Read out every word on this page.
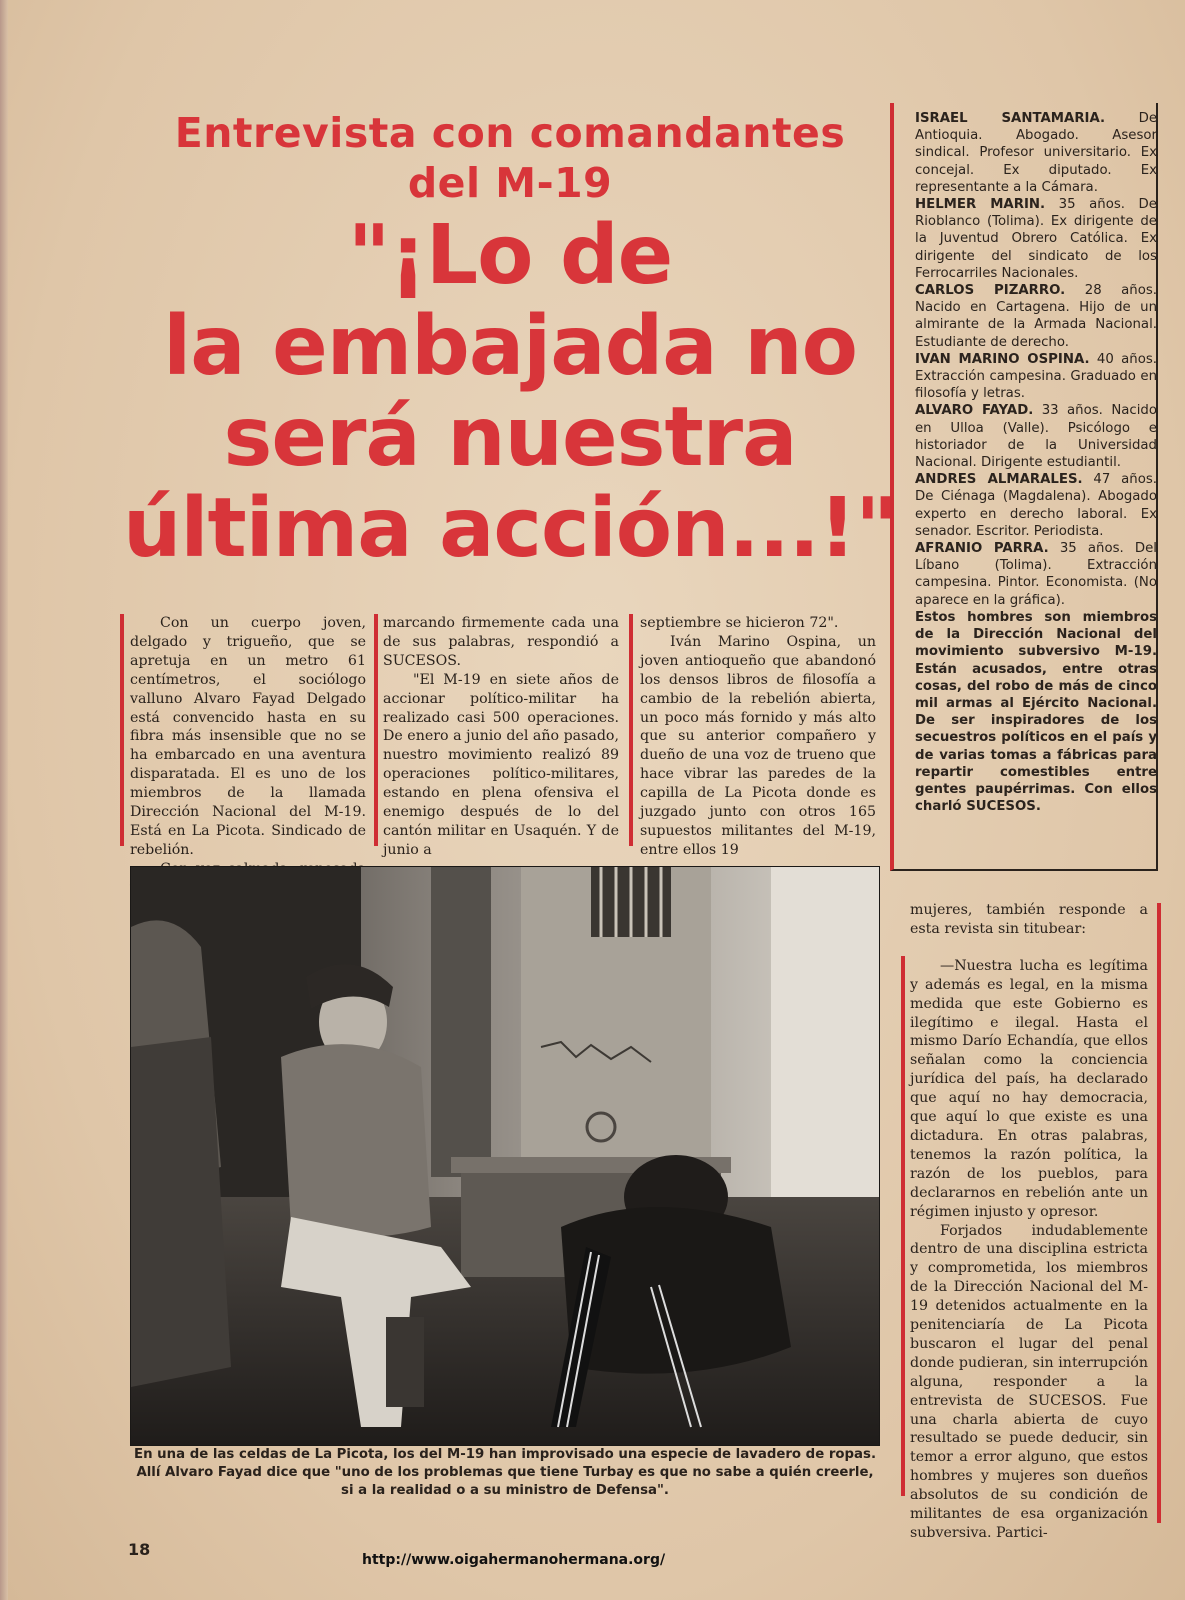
Entrevista con comandantes
del M-19
"¡Lo de
la embajada no
será nuestra
última acción...!"

ISRAEL SANTAMARIA.	De Antioquia. Abogado. Asesor sindical. Profesor universitario. Ex concejal. Ex diputado. Ex representante a la Cámara.

HELMER MARIN. 35 años. De Rioblanco (Tolima). Ex dirigente de la Juventud Obrero Católica. Ex dirigente del sindicato de los Ferrocarriles Nacionales.

CARLOS PIZARRO. 28 años. Nacido en Cartagena. Hijo de un almirante de la Armada Nacional. Estudiante de derecho.

IVAN MARINO OSPINA. 40 años. Extracción campesina. Graduado en filosofía y letras.

ALVARO FAYAD. 33 años. Nacido en Ulloa (Valle). Psicólogo e historiador de la Universidad Nacional. Dirigente estudiantil.

ANDRES ALMARALES. 47 años. De Ciénaga (Magdalena). Abogado experto en derecho laboral. Ex senador. Escritor. Periodista.

AFRANIO PARRA. 35 años. Del Líbano (Tolima). Extracción campesina. Pintor. Economista. (No aparece en la gráfica).

Estos hombres son miembros de la Dirección Nacional del movimiento subversivo M-19. Están acusados, entre otras cosas, del robo de más de cinco mil armas al Ejército Nacional. De ser inspiradores de los secuestros políticos en el país y de varias tomas a fábricas para repartir comestibles entre gentes paupérrimas. Con ellos charló SUCESOS.

Con un cuerpo joven, delgado y trigueño, que se apretuja en un metro 61 centímetros, el sociólogo valluno Alvaro Fayad Delgado está convencido hasta en su fibra más insensible que no se ha embarcado en una aventura disparatada. El es uno de los miembros de la llamada Dirección Nacional del M-19. Está en La Picota. Sindicado de rebelión.

marcando firmemente cada una de sus palabras, respondió a SUCESOS.

"El M-19 en siete años de accionar político-militar ha realizado casi 500 operaciones. De enero a junio del año pasado, nuestro movimiento realizó 89 operaciones político-militares, estando en plena ofensiva el enemigo después de lo del cantón militar en Usaquén. Y de junio a

septiembre se hicieron 72".

Iván Marino Ospina, un joven antioqueño que abandonó los densos libros de filosofía a cambio de la rebelión abierta, un poco más fornido y más alto que su anterior compañero y dueño de una voz de trueno que hace vibrar las paredes de la capilla de La Picota donde es juzgado junto con otros 165 supuestos militantes del M-19, entre ellos 19

En una de las celdas de La Picota, los del M-19 han improvisado una especie de lavadero de ropas. Allí Alvaro Fayad dice que "uno de los problemas que tiene Turbay es que no sabe a quién creerle, si a la realidad o a su ministro de Defensa".

mujeres, también responde a esta revista sin titubear:

—Nuestra lucha es legítima y además es legal, en la misma medida que este Gobierno es ilegítimo e ilegal. Hasta el mismo Darío Echandía, que ellos señalan como la conciencia jurídica del país, ha declarado que aquí no hay democracia, que aquí lo que existe es una dictadura. En otras palabras, tenemos la razón política, la razón de los pueblos, para declararnos en rebelión ante un régimen injusto y opresor.

Forjados indudablemente dentro de una disciplina estricta y comprometida, los miembros de la Dirección Nacional del M-19 detenidos actualmente en la penitenciaría de La Picota buscaron el lugar del penal donde pudieran, sin interrupción alguna, responder a la entrevista de SUCESOS. Fue una charla abierta de cuyo resultado se puede deducir, sin temor a error alguno, que estos hombres y mujeres son dueños absolutos de su condición de militantes de esa organización subversiva. Partici-

18
http://www.oigahermanohermana.org/
